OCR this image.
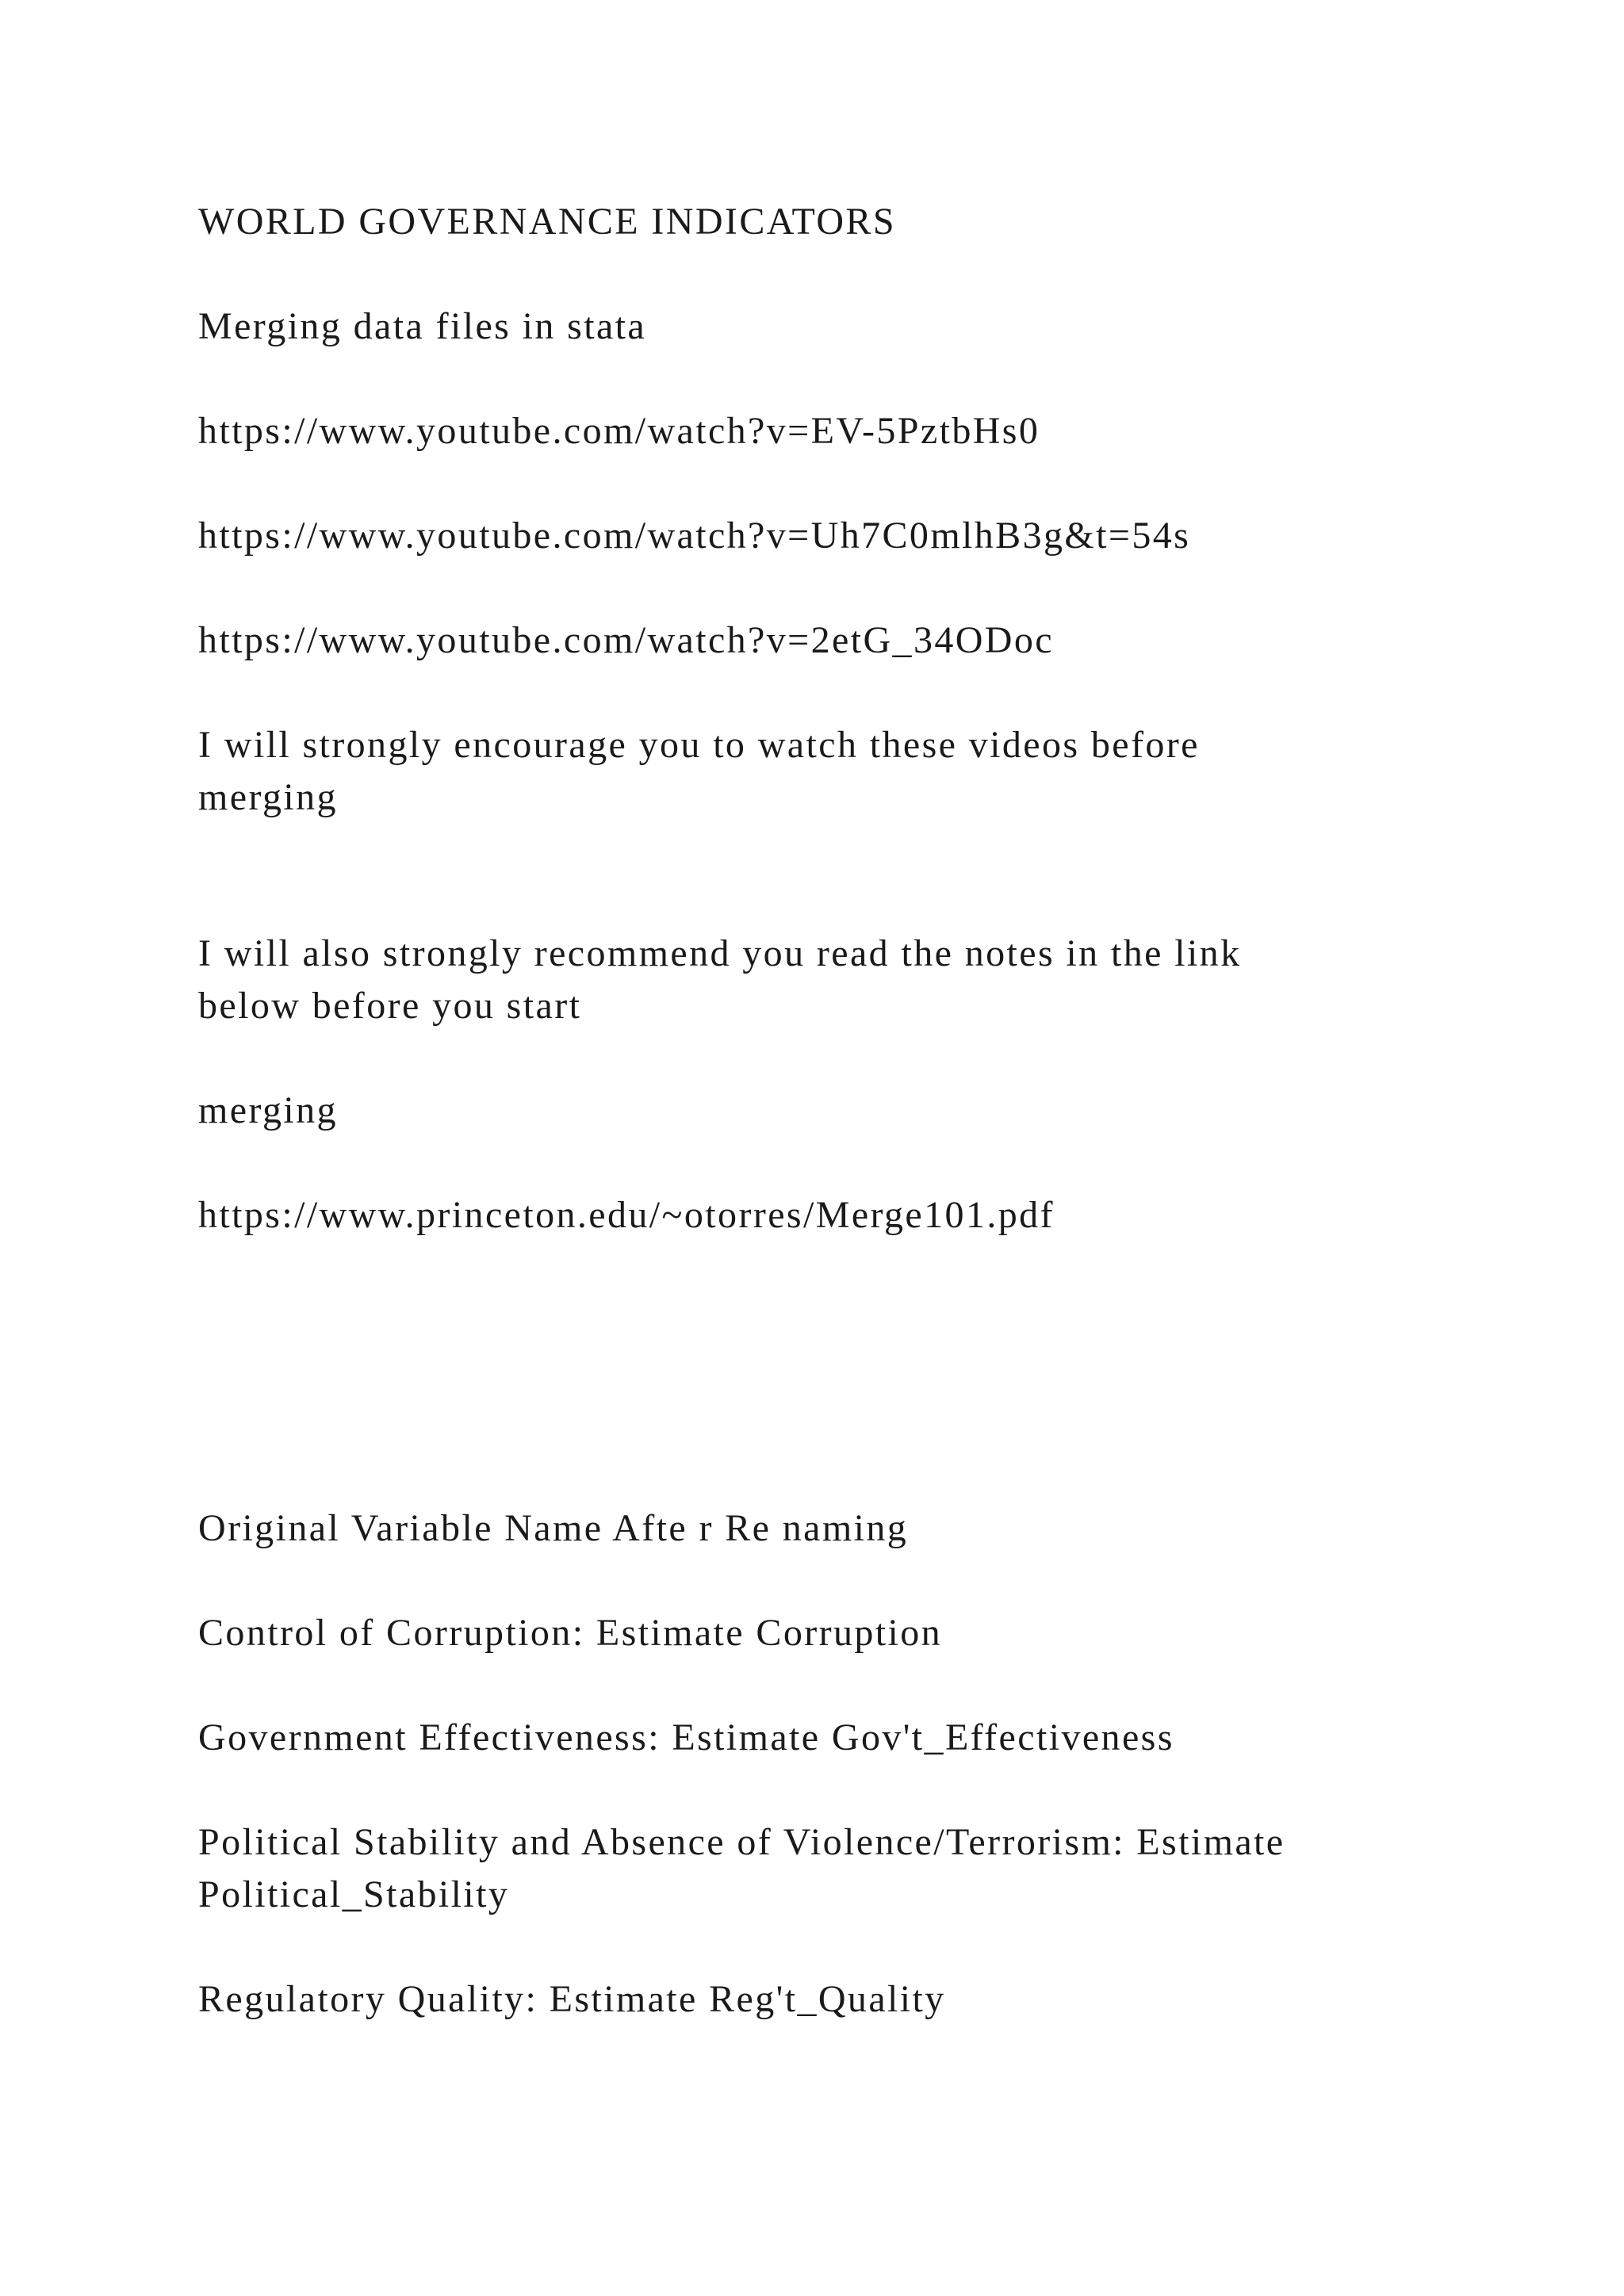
WORLD GOVERNANCE INDICATORS

Merging data files in stata

https://www.youtube.com/watch?v=EV-5PztbHs0

https://www.youtube.com/watch?v=Uh7C0mlhB3g&t=54s

https://www.youtube.com/watch?v=2etG_34ODoc

I will strongly encourage you to watch these videos before
merging

I will also strongly recommend you read the notes in the link
below before you start

merging

https://www.princeton.edu/~otorres/Merge101.pdf

Original Variable Name Afte r Re naming

Control of Corruption: Estimate Corruption

Government Effectiveness: Estimate Gov't_Effectiveness

Political Stability and Absence of Violence/Terrorism: Estimate
Political_Stability

Regulatory Quality: Estimate Reg't_Quality
